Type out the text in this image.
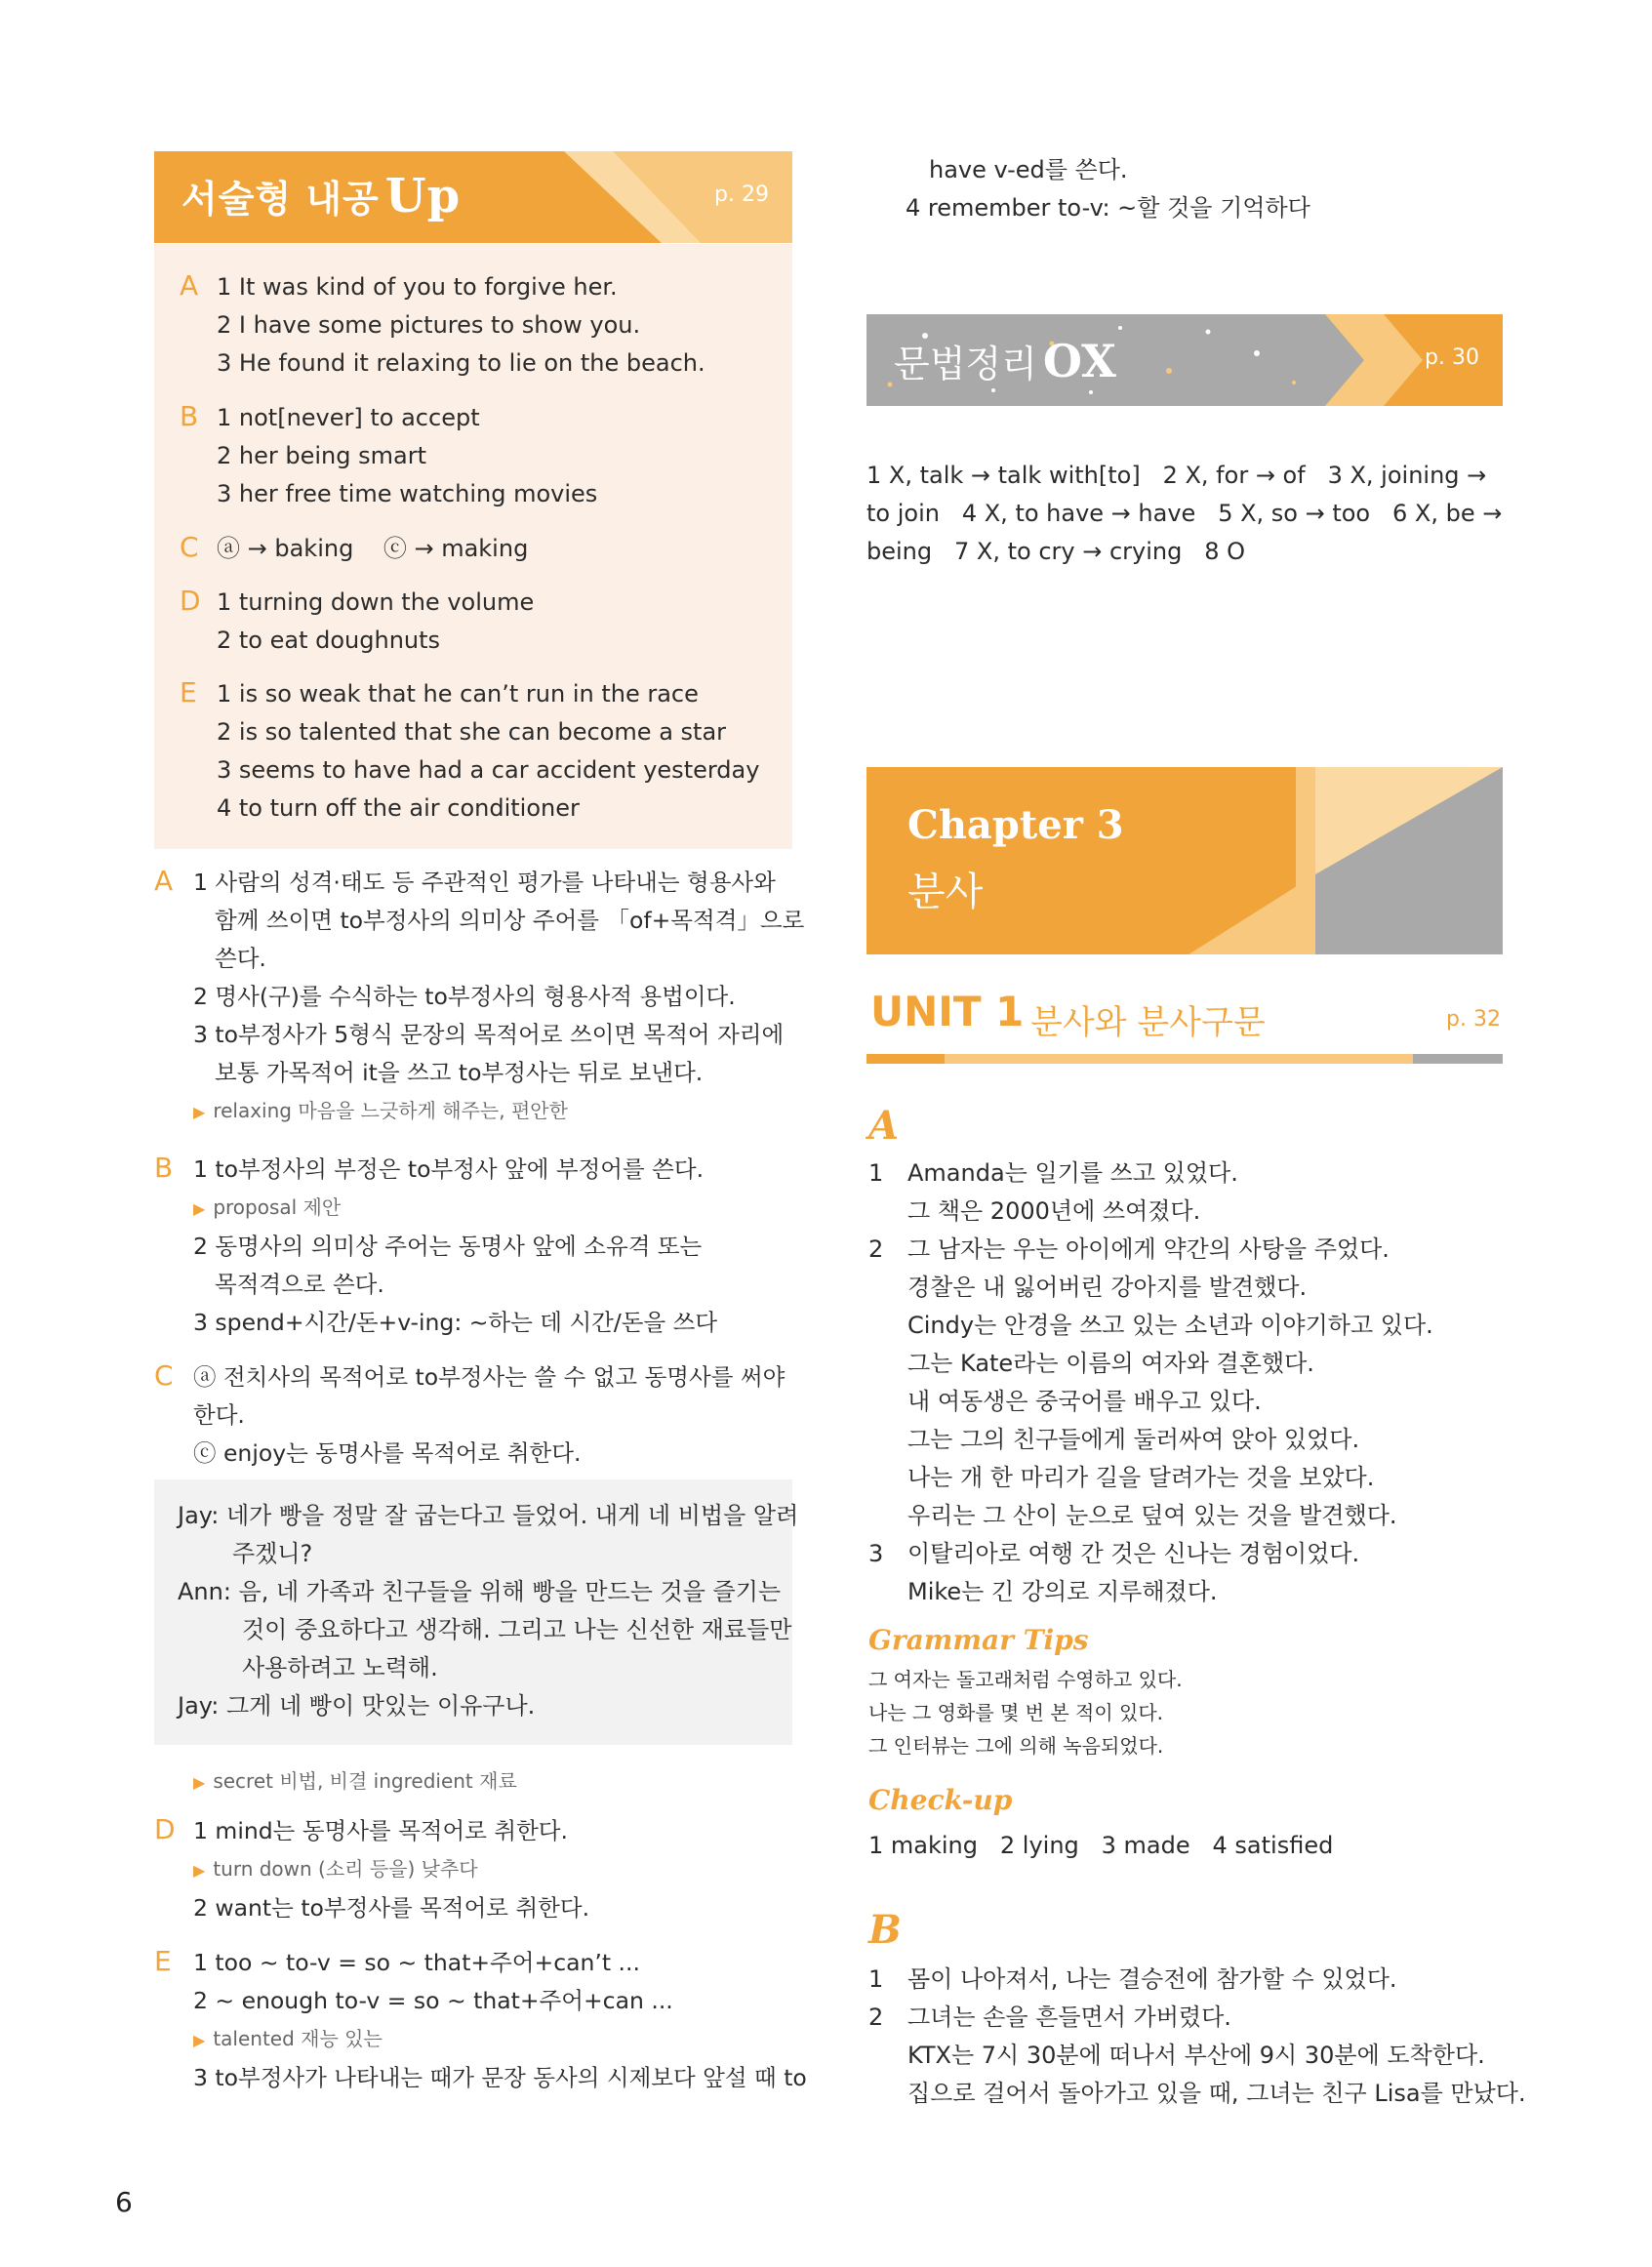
서술형 내공 Up	p. 29
A 1 It was kind of you to forgive her.
2 I have some pictures to show you.
3 He found it relaxing to lie on the beach.
B 1 not[never] to accept
2 her being smart
3 her free time watching movies
C ⓐ → baking    ⓒ → making
D 1 turning down the volume
2 to eat doughnuts
E 1 is so weak that he can’t run in the race
2 is so talented that she can become a star
3 seems to have had a car accident yesterday
4 to turn off the air conditioner
A 1 사람의 성격·태도 등 주관적인 평가를 나타내는 형용사와
함께 쓰이면 to부정사의 의미상 주어를 「of+목적격」으로
쓴다.
2 명사(구)를 수식하는 to부정사의 형용사적 용법이다.
3 to부정사가 5형식 문장의 목적어로 쓰이면 목적어 자리에
보통 가목적어 it을 쓰고 to부정사는 뒤로 보낸다.
▶ relaxing 마음을 느긋하게 해주는, 편안한
B 1 to부정사의 부정은 to부정사 앞에 부정어를 쓴다.
▶ proposal 제안
2 동명사의 의미상 주어는 동명사 앞에 소유격 또는
목적격으로 쓴다.
3 spend+시간/돈+v-ing: ~하는 데 시간/돈을 쓰다
C ⓐ 전치사의 목적어로 to부정사는 쓸 수 없고 동명사를 써야
한다.
ⓒ enjoy는 동명사를 목적어로 취한다.
Jay: 네가 빵을 정말 잘 굽는다고 들었어. 내게 네 비법을 알려
주겠니?
Ann: 음, 네 가족과 친구들을 위해 빵을 만드는 것을 즐기는
것이 중요하다고 생각해. 그리고 나는 신선한 재료들만
사용하려고 노력해.
Jay: 그게 네 빵이 맛있는 이유구나.
▶ secret 비법, 비결 ingredient 재료
D 1 mind는 동명사를 목적어로 취한다.
▶ turn down (소리 등을) 낮추다
2 want는 to부정사를 목적어로 취한다.
E 1 too ~ to-v = so ~ that+주어+can’t ...
2 ~ enough to-v = so ~ that+주어+can ...
▶ talented 재능 있는
3 to부정사가 나타내는 때가 문장 동사의 시제보다 앞설 때 to
have v-ed를 쓴다.
4 remember to-v: ~할 것을 기억하다
문법정리 OX	p. 30
1 X, talk → talk with[to]   2 X, for → of   3 X, joining →
to join   4 X, to have → have   5 X, so → too   6 X, be →
being   7 X, to cry → crying   8 O
Chapter 3
분사
UNIT 1 분사와 분사구문	p. 32
A
1 Amanda는 일기를 쓰고 있었다.
그 책은 2000년에 쓰여졌다.
2 그 남자는 우는 아이에게 약간의 사탕을 주었다.
경찰은 내 잃어버린 강아지를 발견했다.
Cindy는 안경을 쓰고 있는 소년과 이야기하고 있다.
그는 Kate라는 이름의 여자와 결혼했다.
내 여동생은 중국어를 배우고 있다.
그는 그의 친구들에게 둘러싸여 앉아 있었다.
나는 개 한 마리가 길을 달려가는 것을 보았다.
우리는 그 산이 눈으로 덮여 있는 것을 발견했다.
3 이탈리아로 여행 간 것은 신나는 경험이었다.
Mike는 긴 강의로 지루해졌다.
Grammar Tips
그 여자는 돌고래처럼 수영하고 있다.
나는 그 영화를 몇 번 본 적이 있다.
그 인터뷰는 그에 의해 녹음되었다.
Check-up
1 making   2 lying   3 made   4 satisfied
B
1 몸이 나아져서, 나는 결승전에 참가할 수 있었다.
2 그녀는 손을 흔들면서 가버렸다.
KTX는 7시 30분에 떠나서 부산에 9시 30분에 도착한다.
집으로 걸어서 돌아가고 있을 때, 그녀는 친구 Lisa를 만났다.
6
